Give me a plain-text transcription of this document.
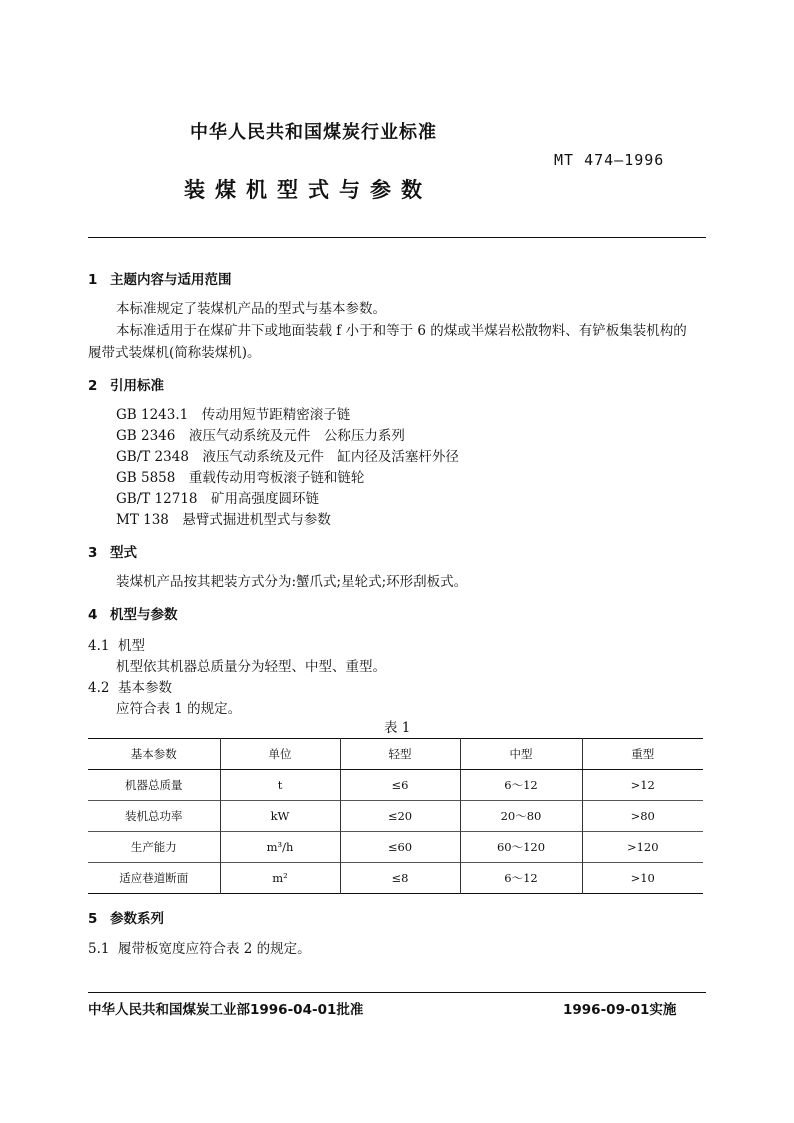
中华人民共和国煤炭行业标准
MT 474—1996
装煤机型式与参数
1 主题内容与适用范围
本标准规定了装煤机产品的型式与基本参数。
本标准适用于在煤矿井下或地面装载 f 小于和等于 6 的煤或半煤岩松散物料、有铲板集装机构的
履带式装煤机(简称装煤机)。
2 引用标准
GB 1243.1　传动用短节距精密滚子链
GB 2346　液压气动系统及元件　公称压力系列
GB/T 2348　液压气动系统及元件　缸内径及活塞杆外径
GB 5858　重载传动用弯板滚子链和链轮
GB/T 12718　矿用高强度圆环链
MT 138　悬臂式掘进机型式与参数
3 型式
装煤机产品按其耙装方式分为:蟹爪式;星轮式;环形刮板式。
4 机型与参数
4.1 机型
机型依其机器总质量分为轻型、中型、重型。
4.2 基本参数
应符合表 1 的规定。
表 1
基本参数	单位	轻型	中型	重型
机器总质量	t	≤6	6～12	>12
装机总功率	kW	≤20	20～80	>80
生产能力	m³/h	≤60	60～120	>120
适应巷道断面	m²	≤8	6～12	>10
5 参数系列
5.1 履带板宽度应符合表 2 的规定。
中华人民共和国煤炭工业部1996-04-01批准	1996-09-01实施
